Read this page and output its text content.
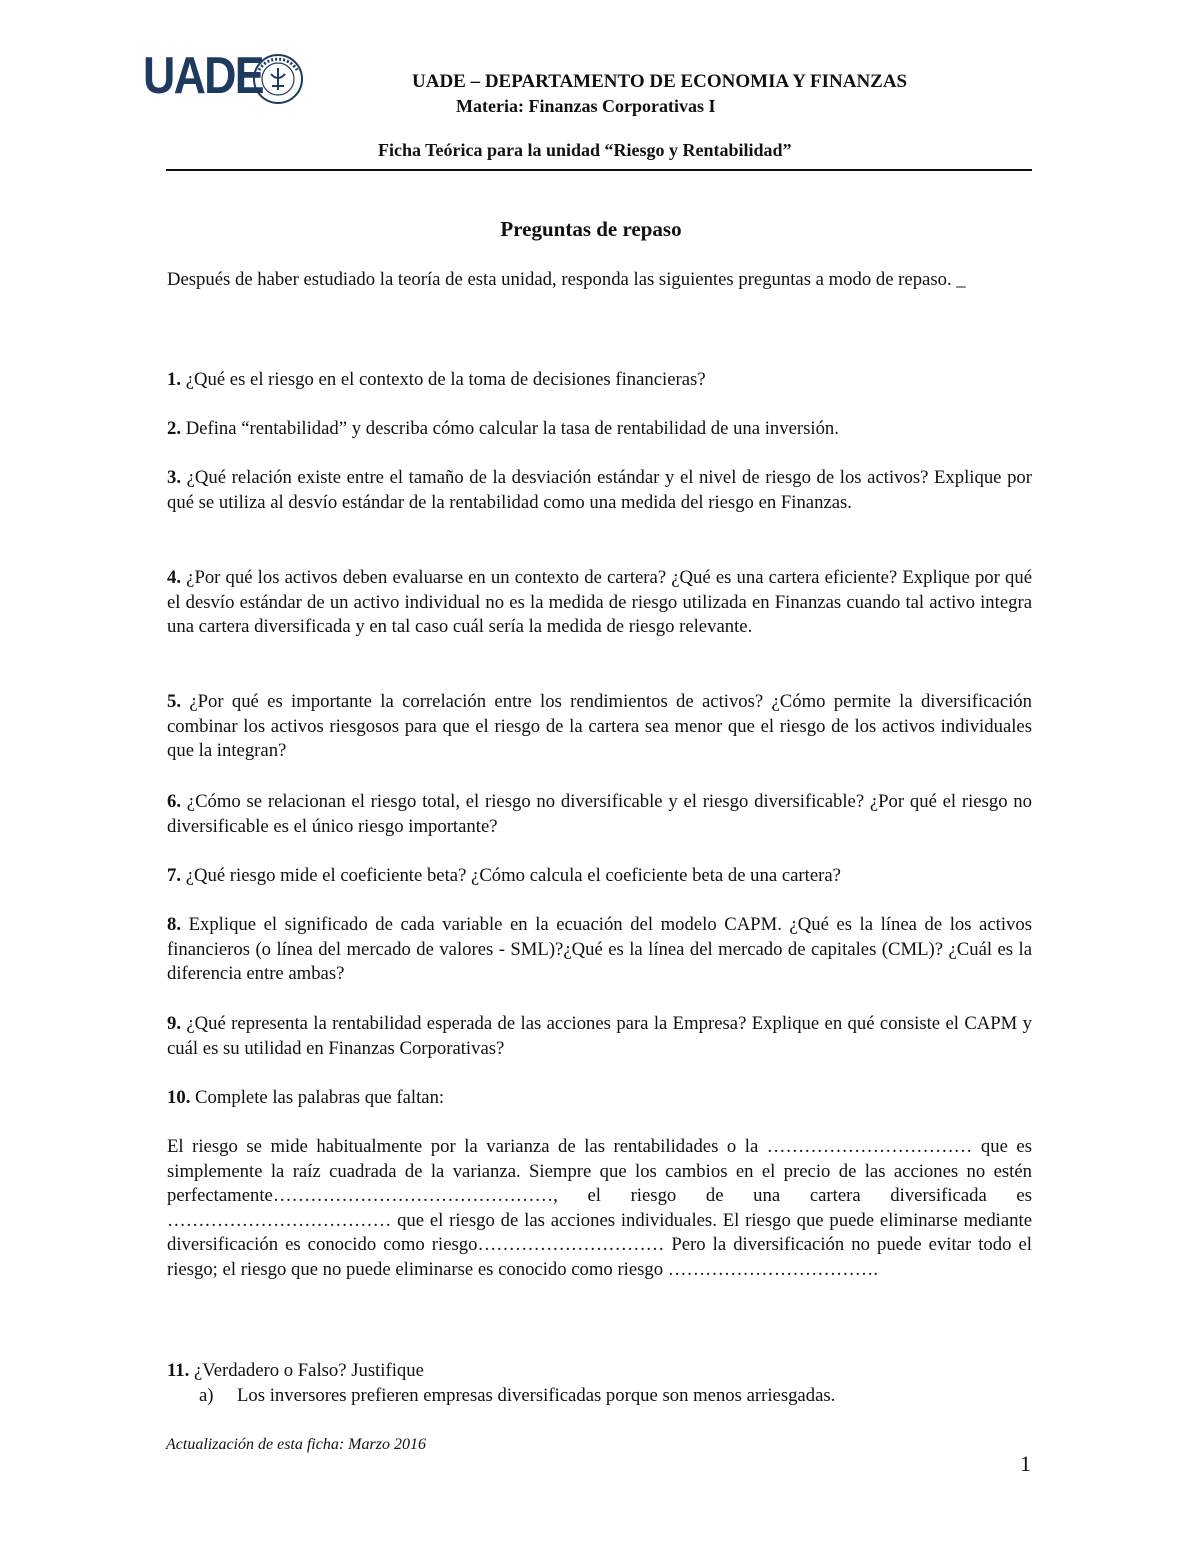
UADE	UADE – DEPARTAMENTO DE ECONOMIA Y FINANZAS
Materia: Finanzas Corporativas I
Ficha Teórica para la unidad “Riesgo y Rentabilidad”
Preguntas de repaso
Después de haber estudiado la teoría de esta unidad, responda las siguientes preguntas a modo de repaso. _
1. ¿Qué es el riesgo en el contexto de la toma de decisiones financieras?
2. Defina “rentabilidad” y describa cómo calcular la tasa de rentabilidad de una inversión.
3. ¿Qué relación existe entre el tamaño de la desviación estándar y el nivel de riesgo de los activos? Explique por qué se utiliza al desvío estándar de la rentabilidad como una medida del riesgo en Finanzas.
4. ¿Por qué los activos deben evaluarse en un contexto de cartera? ¿Qué es una cartera eficiente? Explique por qué el desvío estándar de un activo individual no es la medida de riesgo utilizada en Finanzas cuando tal activo integra una cartera diversificada y en tal caso cuál sería la medida de riesgo relevante.
5. ¿Por qué es importante la correlación entre los rendimientos de activos? ¿Cómo permite la diversificación combinar los activos riesgosos para que el riesgo de la cartera sea menor que el riesgo de los activos individuales que la integran?
6. ¿Cómo se relacionan el riesgo total, el riesgo no diversificable y el riesgo diversificable? ¿Por qué el riesgo no diversificable es el único riesgo importante?
7. ¿Qué riesgo mide el coeficiente beta? ¿Cómo calcula el coeficiente beta de una cartera?
8. Explique el significado de cada variable en la ecuación del modelo CAPM. ¿Qué es la línea de los activos financieros (o línea del mercado de valores - SML)?¿Qué es la línea del mercado de capitales (CML)? ¿Cuál es la diferencia entre ambas?
9. ¿Qué representa la rentabilidad esperada de las acciones para la Empresa? Explique en qué consiste el CAPM y cuál es su utilidad en Finanzas Corporativas?
10. Complete las palabras que faltan:
El riesgo se mide habitualmente por la varianza de las rentabilidades o la …………………………… que es simplemente la raíz cuadrada de la varianza. Siempre que los cambios en el precio de las acciones no estén perfectamente………………………………………, el riesgo de una cartera diversificada es ……………………………… que el riesgo de las acciones individuales. El riesgo que puede eliminarse mediante diversificación es conocido como riesgo………………………… Pero la diversificación no puede evitar todo el riesgo; el riesgo que no puede eliminarse es conocido como riesgo …………………………….
11. ¿Verdadero o Falso? Justifique
a) Los inversores prefieren empresas diversificadas porque son menos arriesgadas.
Actualización de esta ficha: Marzo 2016
1
